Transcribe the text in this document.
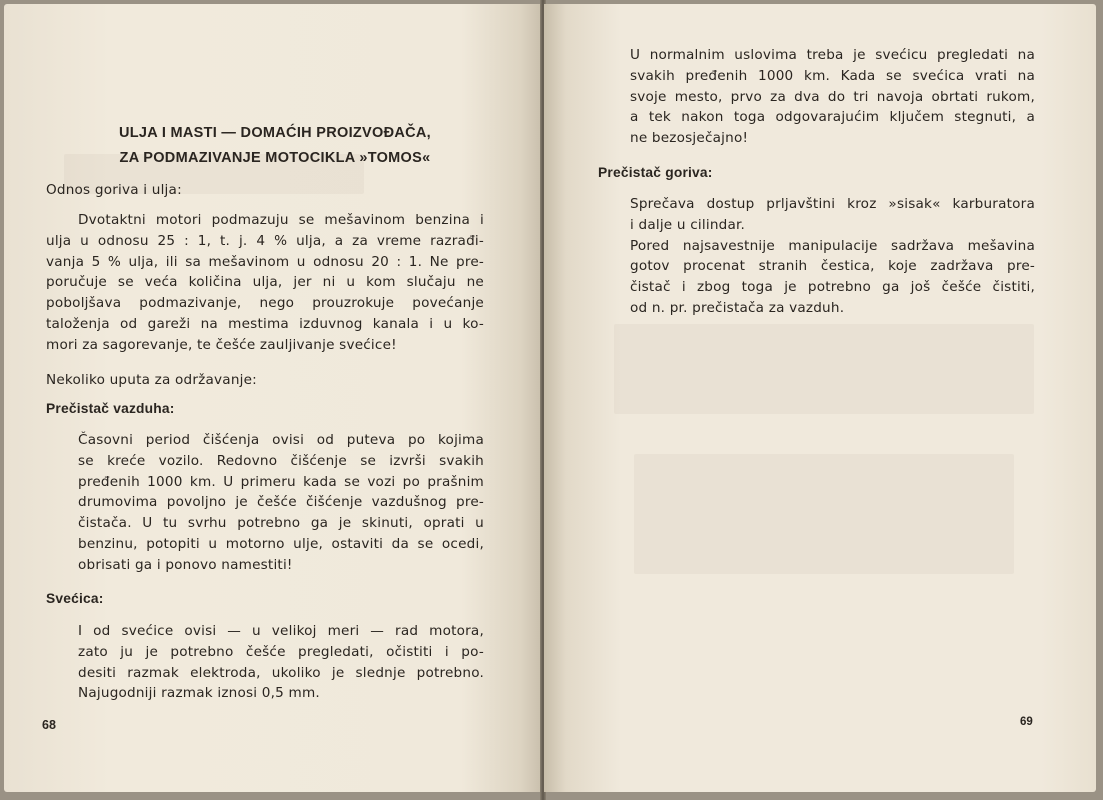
ULJA I MASTI — DOMAĆIH PROIZVOĐAČA,
ZA PODMAZIVANJE MOTOCIKLA »TOMOS«
Odnos goriva i ulja:
Dvotaktni motori podmazuju se mešavinom benzina i
ulja u odnosu 25 : 1, t. j. 4 % ulja, a za vreme razrađi-
vanja 5 % ulja, ili sa mešavinom u odnosu 20 : 1. Ne pre-
poručuje se veća količina ulja, jer ni u kom slučaju ne
poboljšava podmazivanje, nego prouzrokuje povećanje
taloženja od gareži na mestima izduvnog kanala i u ko-
mori za sagorevanje, te češće zauljivanje svećice!
Nekoliko uputa za održavanje:
Prečistač vazduha:
Časovni period čišćenja ovisi od puteva po kojima
se kreće vozilo. Redovno čišćenje se izvrši svakih
pređenih 1000 km. U primeru kada se vozi po prašnim
drumovima povoljno je češće čišćenje vazdušnog pre-
čistača. U tu svrhu potrebno ga je skinuti, oprati u
benzinu, potopiti u motorno ulje, ostaviti da se ocedi,
obrisati ga i ponovo namestiti!
Svećica:
I od svećice ovisi — u velikoj meri — rad motora,
zato ju je potrebno češće pregledati, očistiti i po-
desiti razmak elektroda, ukoliko je slednje potrebno.
Najugodniji razmak iznosi 0,5 mm.
68
U normalnim uslovima treba je svećicu pregledati na
svakih pređenih 1000 km. Kada se svećica vrati na
svoje mesto, prvo za dva do tri navoja obrtati rukom,
a tek nakon toga odgovarajućim ključem stegnuti, a
ne bezosječajno!
Prečistač goriva:
Sprečava dostup prljavštini kroz »sisak« karburatora
i dalje u cilindar.
Pored najsavestnije manipulacije sadržava mešavina
gotov procenat stranih čestica, koje zadržava pre-
čistač i zbog toga je potrebno ga još češće čistiti,
od n. pr. prečistača za vazduh.
69
